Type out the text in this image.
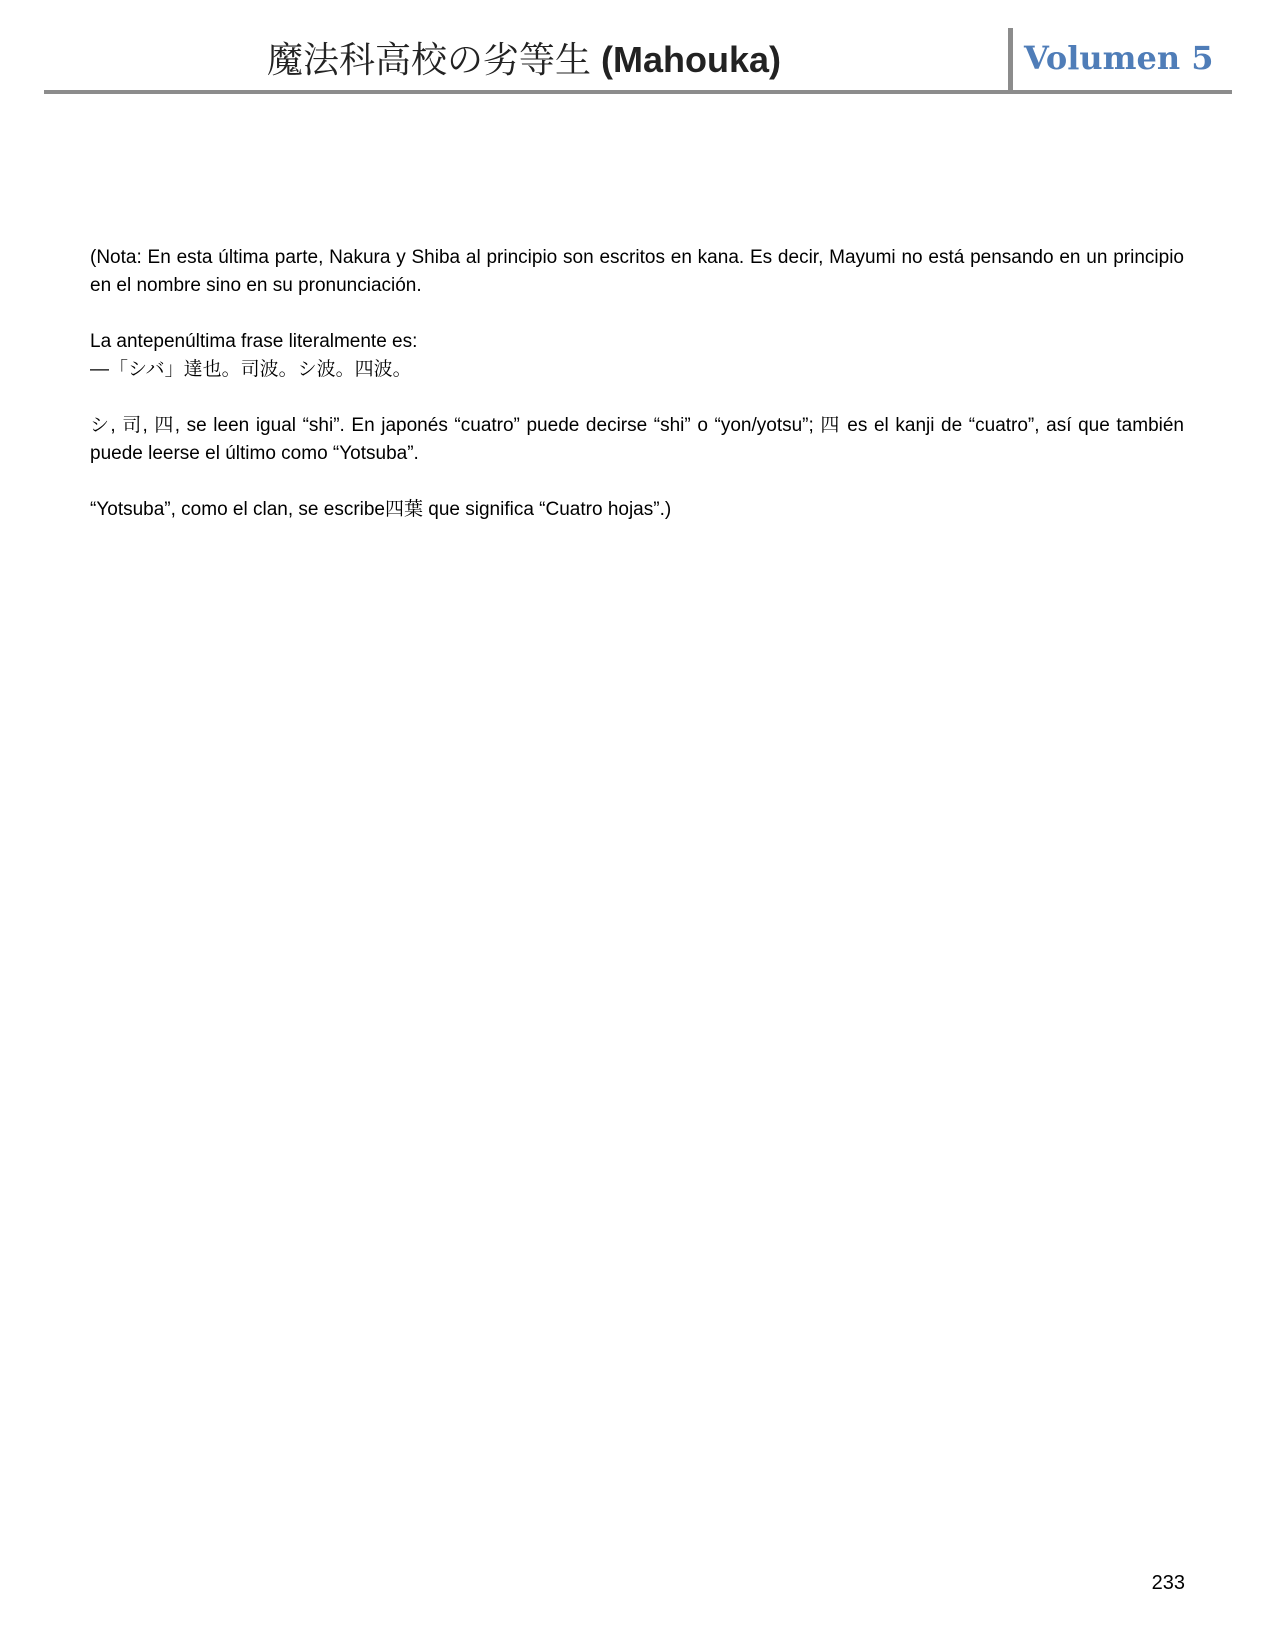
魔法科高校の劣等生 (Mahouka)	Volumen 5

(Nota: En esta última parte, Nakura y Shiba al principio son escritos en kana. Es decir, Mayumi no está pensando en un principio en el nombre sino en su pronunciación.

La antepenúltima frase literalmente es:

—「シバ」達也。司波。シ波。四波。

シ, 司, 四, se leen igual “shi”. En japonés “cuatro” puede decirse “shi” o “yon/yotsu”; 四 es el kanji de “cuatro”, así que también puede leerse el último como “Yotsuba”.

“Yotsuba”, como el clan, se escribe四葉 que significa “Cuatro hojas”.)

233
